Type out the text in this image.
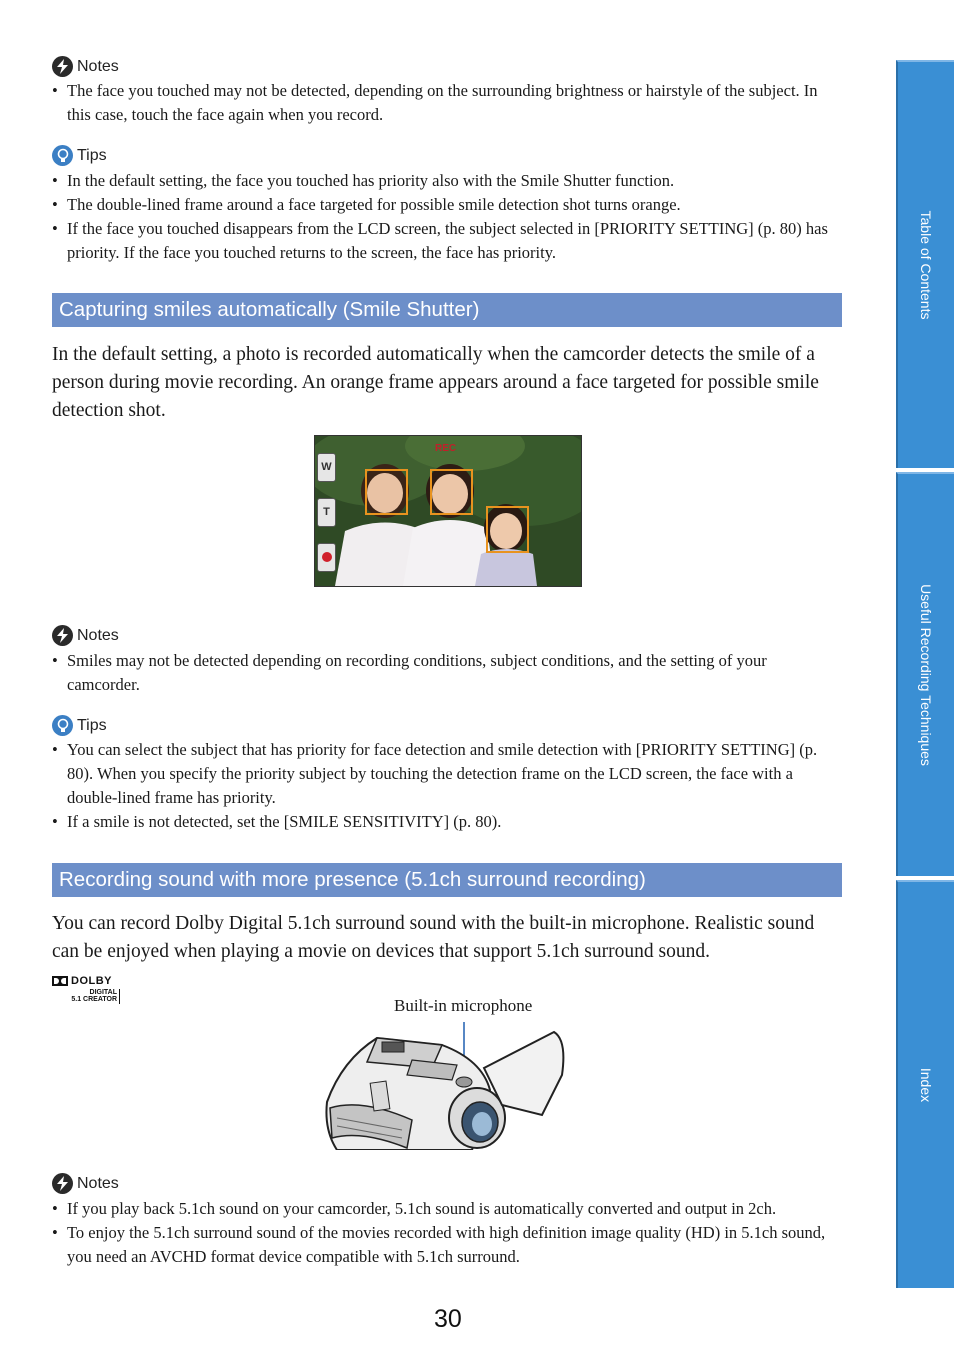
Table of Contents
Useful Recording Techniques
Index
Notes
• The face you touched may not be detected, depending on the surrounding brightness or hairstyle of the subject. In this case, touch the face again when you record.
Tips
• In the default setting, the face you touched has priority also with the Smile Shutter function.
• The double-lined frame around a face targeted for possible smile detection shot turns orange.
• If the face you touched disappears from the LCD screen, the subject selected in [PRIORITY SETTING] (p. 80) has priority. If the face you touched returns to the screen, the face has priority.
Capturing smiles automatically (Smile Shutter)
In the default setting, a photo is recorded automatically when the camcorder detects the smile of a person during movie recording. An orange frame appears around a face targeted for possible smile detection shot.
REC
W
T
Notes
• Smiles may not be detected depending on recording conditions, subject conditions, and the setting of your camcorder.
Tips
• You can select the subject that has priority for face detection and smile detection with [PRIORITY SETTING] (p. 80). When you specify the priority subject by touching the detection frame on the LCD screen, the face with a double-lined frame has priority.
• If a smile is not detected, set the [SMILE SENSITIVITY] (p. 80).
Recording sound with more presence (5.1ch surround recording)
You can record Dolby Digital 5.1ch surround sound with the built-in microphone. Realistic sound can be enjoyed when playing a movie on devices that support 5.1ch surround sound.
DOLBY
DIGITAL
5.1 CREATOR	Built-in microphone
Notes
• If you play back 5.1ch sound on your camcorder, 5.1ch sound is automatically converted and output in 2ch.
• To enjoy the 5.1ch surround sound of the movies recorded with high definition image quality (HD) in 5.1ch sound, you need an AVCHD format device compatible with 5.1ch surround.
30
